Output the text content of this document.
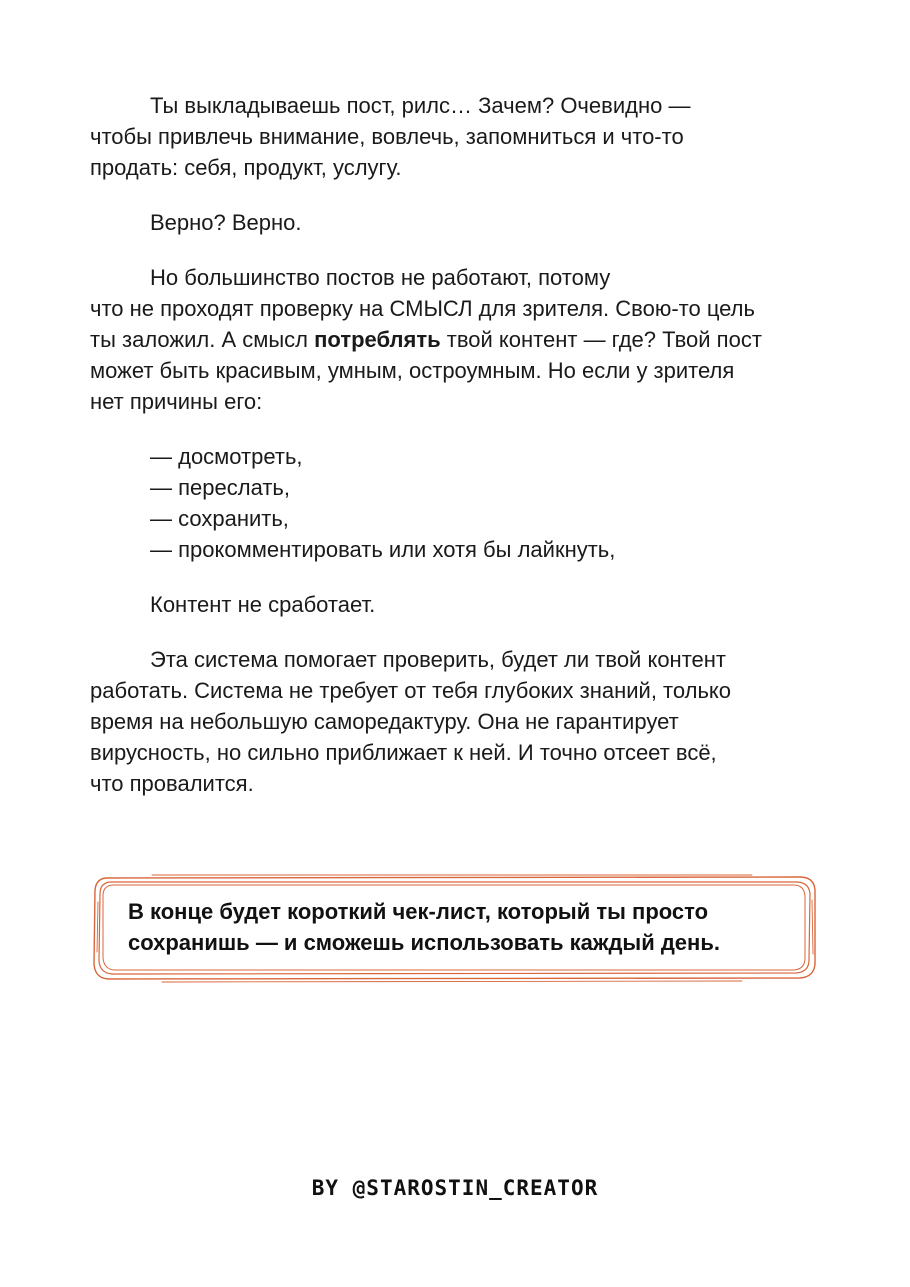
Ты выкладываешь пост, рилс… Зачем? Очевидно —
чтобы привлечь внимание, вовлечь, запомниться и что-то
продать: себя, продукт, услугу.
Верно? Верно.
Но большинство постов не работают, потому
что не проходят проверку на СМЫСЛ для зрителя. Свою-то цель
ты заложил. А смысл потреблять твой контент — где? Твой пост
может быть красивым, умным, остроумным. Но если у зрителя
нет причины его:
— досмотреть,
— переслать,
— сохранить,
— прокомментировать или хотя бы лайкнуть,
Контент не сработает.
Эта система помогает проверить, будет ли твой контент
работать. Система не требует от тебя глубоких знаний, только
время на небольшую саморедактуру. Она не гарантирует
вирусность, но сильно приближает к ней. И точно отсеет всё,
что провалится.
В конце будет короткий чек-лист, который ты просто
сохранишь — и сможешь использовать каждый день.
BY @STAROSTIN_CREATOR
